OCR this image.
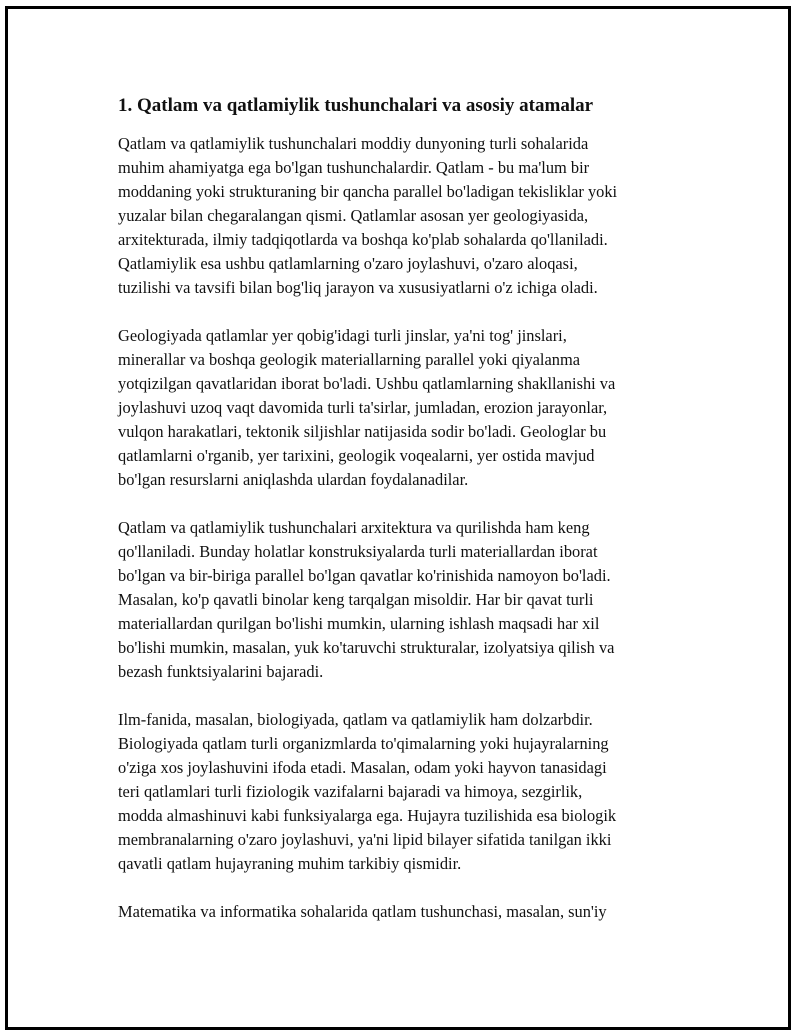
1. Qatlam va qatlamiylik tushunchalari va asosiy atamalar

Qatlam va qatlamiylik tushunchalari moddiy dunyoning turli sohalarida
muhim ahamiyatga ega bo'lgan tushunchalardir. Qatlam - bu ma'lum bir
moddaning yoki strukturaning bir qancha parallel bo'ladigan tekisliklar yoki
yuzalar bilan chegaralangan qismi. Qatlamlar asosan yer geologiyasida,
arxitekturada, ilmiy tadqiqotlarda va boshqa ko'plab sohalarda qo'llaniladi.
Qatlamiylik esa ushbu qatlamlarning o'zaro joylashuvi, o'zaro aloqasi,
tuzilishi va tavsifi bilan bog'liq jarayon va xususiyatlarni o'z ichiga oladi.

Geologiyada qatlamlar yer qobig'idagi turli jinslar, ya'ni tog' jinslari,
minerallar va boshqa geologik materiallarning parallel yoki qiyalanma
yotqizilgan qavatlaridan iborat bo'ladi. Ushbu qatlamlarning shakllanishi va
joylashuvi uzoq vaqt davomida turli ta'sirlar, jumladan, erozion jarayonlar,
vulqon harakatlari, tektonik siljishlar natijasida sodir bo'ladi. Geologlar bu
qatlamlarni o'rganib, yer tarixini, geologik voqealarni, yer ostida mavjud
bo'lgan resurslarni aniqlashda ulardan foydalanadilar.

Qatlam va qatlamiylik tushunchalari arxitektura va qurilishda ham keng
qo'llaniladi. Bunday holatlar konstruksiyalarda turli materiallardan iborat
bo'lgan va bir-biriga parallel bo'lgan qavatlar ko'rinishida namoyon bo'ladi.
Masalan, ko'p qavatli binolar keng tarqalgan misoldir. Har bir qavat turli
materiallardan qurilgan bo'lishi mumkin, ularning ishlash maqsadi har xil
bo'lishi mumkin, masalan, yuk ko'taruvchi strukturalar, izolyatsiya qilish va
bezash funktsiyalarini bajaradi.

Ilm-fanida, masalan, biologiyada, qatlam va qatlamiylik ham dolzarbdir.
Biologiyada qatlam turli organizmlarda to'qimalarning yoki hujayralarning
o'ziga xos joylashuvini ifoda etadi. Masalan, odam yoki hayvon tanasidagi
teri qatlamlari turli fiziologik vazifalarni bajaradi va himoya, sezgirlik,
modda almashinuvi kabi funksiyalarga ega. Hujayra tuzilishida esa biologik
membranalarning o'zaro joylashuvi, ya'ni lipid bilayer sifatida tanilgan ikki
qavatli qatlam hujayraning muhim tarkibiy qismidir.

Matematika va informatika sohalarida qatlam tushunchasi, masalan, sun'iy
